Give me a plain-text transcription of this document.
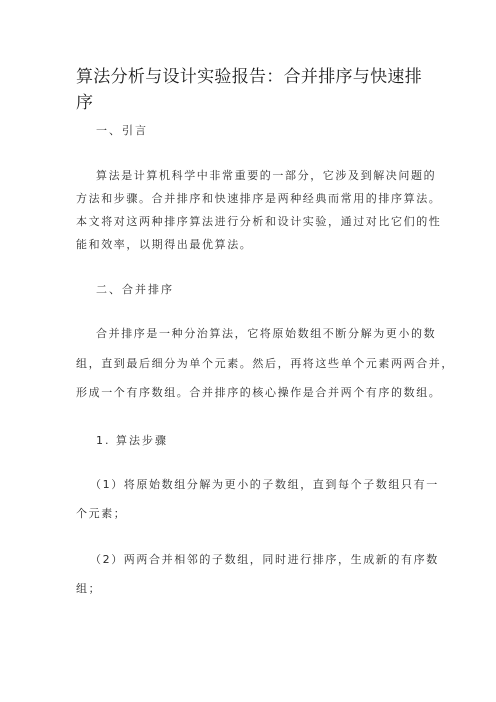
算法分析与设计实验报告：合并排序与快速排序
一、引言
算法是计算机科学中非常重要的一部分，它涉及到解决问题的
方法和步骤。合并排序和快速排序是两种经典而常用的排序算法。
本文将对这两种排序算法进行分析和设计实验，通过对比它们的性
能和效率，以期得出最优算法。
二、合并排序
合并排序是一种分治算法，它将原始数组不断分解为更小的数
组，直到最后细分为单个元素。然后，再将这些单个元素两两合并，
形成一个有序数组。合并排序的核心操作是合并两个有序的数组。
1. 算法步骤
（1）将原始数组分解为更小的子数组，直到每个子数组只有一
个元素；
（2）两两合并相邻的子数组，同时进行排序，生成新的有序数
组；
